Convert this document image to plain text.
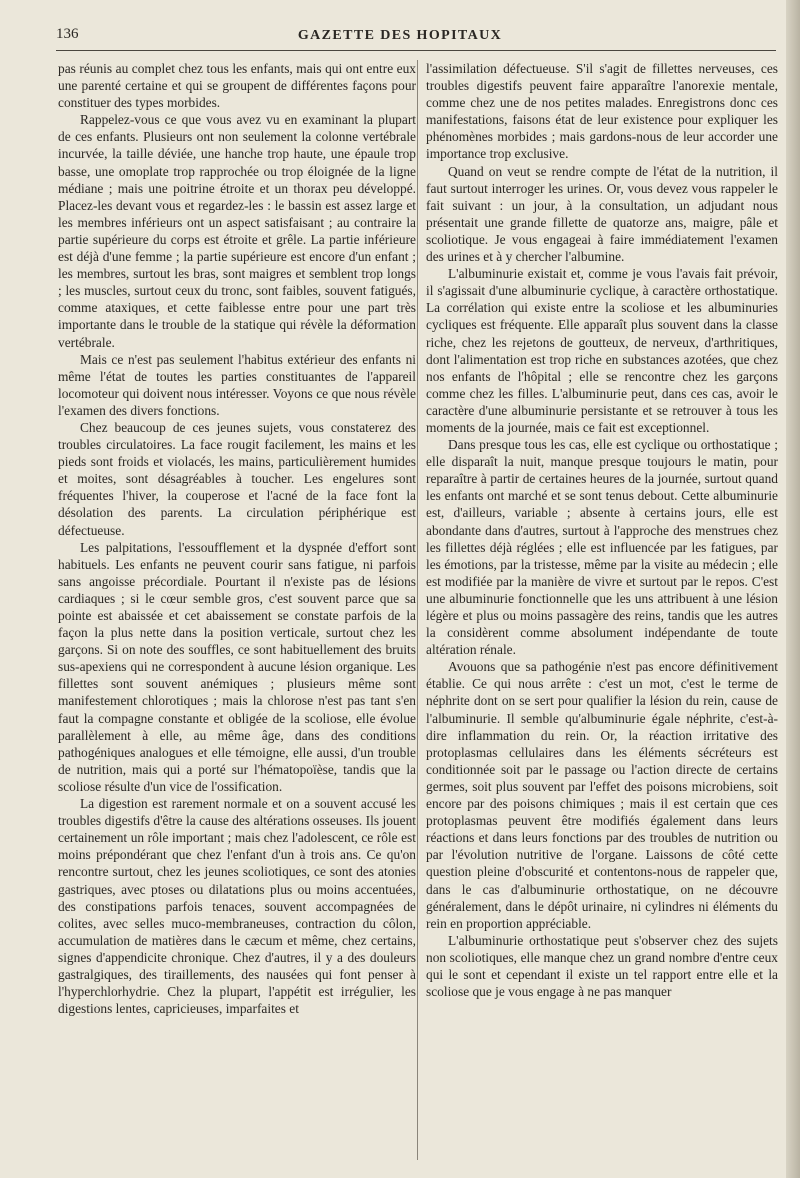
136	GAZETTE DES HOPITAUX

pas réunis au complet chez tous les enfants, mais qui ont entre eux une parenté certaine et qui se groupent de différentes façons pour constituer des types morbides.

Rappelez-vous ce que vous avez vu en examinant la plupart de ces enfants. Plusieurs ont non seulement la colonne vertébrale incurvée, la taille déviée, une hanche trop haute, une épaule trop basse, une omoplate trop rapprochée ou trop éloignée de la ligne médiane ; mais une poitrine étroite et un thorax peu développé. Placez-les devant vous et regardez-les : le bassin est assez large et les membres inférieurs ont un aspect satisfaisant ; au contraire la partie supérieure du corps est étroite et grêle. La partie inférieure est déjà d'une femme ; la partie supérieure est encore d'un enfant ; les membres, surtout les bras, sont maigres et semblent trop longs ; les muscles, surtout ceux du tronc, sont faibles, souvent fatigués, comme ataxiques, et cette faiblesse entre pour une part très importante dans le trouble de la statique qui révèle la déformation vertébrale.

Mais ce n'est pas seulement l'habitus extérieur des enfants ni même l'état de toutes les parties constituantes de l'appareil locomoteur qui doivent nous intéresser. Voyons ce que nous révèle l'examen des divers fonctions.

Chez beaucoup de ces jeunes sujets, vous constaterez des troubles circulatoires. La face rougit facilement, les mains et les pieds sont froids et violacés, les mains, particulièrement humides et moites, sont désagréables à toucher. Les engelures sont fréquentes l'hiver, la couperose et l'acné de la face font la désolation des parents. La circulation périphérique est défectueuse.

Les palpitations, l'essoufflement et la dyspnée d'effort sont habituels. Les enfants ne peuvent courir sans fatigue, ni parfois sans angoisse précordiale. Pourtant il n'existe pas de lésions cardiaques ; si le cœur semble gros, c'est souvent parce que sa pointe est abaissée et cet abaissement se constate parfois de la façon la plus nette dans la position verticale, surtout chez les garçons. Si on note des souffles, ce sont habituellement des bruits sus-apexiens qui ne correspondent à aucune lésion organique. Les fillettes sont souvent anémiques ; plusieurs même sont manifestement chlorotiques ; mais la chlorose n'est pas tant s'en faut la compagne constante et obligée de la scoliose, elle évolue parallèlement à elle, au même âge, dans des conditions pathogéniques analogues et elle témoigne, elle aussi, d'un trouble de nutrition, mais qui a porté sur l'hématopoïèse, tandis que la scoliose résulte d'un vice de l'ossification.

La digestion est rarement normale et on a souvent accusé les troubles digestifs d'être la cause des altérations osseuses. Ils jouent certainement un rôle important ; mais chez l'adolescent, ce rôle est moins prépondérant que chez l'enfant d'un à trois ans. Ce qu'on rencontre surtout, chez les jeunes scoliotiques, ce sont des atonies gastriques, avec ptoses ou dilatations plus ou moins accentuées, des constipations parfois tenaces, souvent accompagnées de colites, avec selles muco-membraneuses, contraction du côlon, accumulation de matières dans le cæcum et même, chez certains, signes d'appendicite chronique. Chez d'autres, il y a des douleurs gastralgiques, des tiraillements, des nausées qui font penser à l'hyperchlorhydrie. Chez la plupart, l'appétit est irrégulier, les digestions lentes, capricieuses, imparfaites et

l'assimilation défectueuse. S'il s'agit de fillettes nerveuses, ces troubles digestifs peuvent faire apparaître l'anorexie mentale, comme chez une de nos petites malades. Enregistrons donc ces manifestations, faisons état de leur existence pour expliquer les phénomènes morbides ; mais gardons-nous de leur accorder une importance trop exclusive.

Quand on veut se rendre compte de l'état de la nutrition, il faut surtout interroger les urines. Or, vous devez vous rappeler le fait suivant : un jour, à la consultation, un adjudant nous présentait une grande fillette de quatorze ans, maigre, pâle et scoliotique. Je vous engageai à faire immédiatement l'examen des urines et à y chercher l'albumine.

L'albuminurie existait et, comme je vous l'avais fait prévoir, il s'agissait d'une albuminurie cyclique, à caractère orthostatique. La corrélation qui existe entre la scoliose et les albuminuries cycliques est fréquente. Elle apparaît plus souvent dans la classe riche, chez les rejetons de goutteux, de nerveux, d'arthritiques, dont l'alimentation est trop riche en substances azotées, que chez nos enfants de l'hôpital ; elle se rencontre chez les garçons comme chez les filles. L'albuminurie peut, dans ces cas, avoir le caractère d'une albuminurie persistante et se retrouver à tous les moments de la journée, mais ce fait est exceptionnel.

Dans presque tous les cas, elle est cyclique ou orthostatique ; elle disparaît la nuit, manque presque toujours le matin, pour reparaître à partir de certaines heures de la journée, surtout quand les enfants ont marché et se sont tenus debout. Cette albuminurie est, d'ailleurs, variable ; absente à certains jours, elle est abondante dans d'autres, surtout à l'approche des menstrues chez les fillettes déjà réglées ; elle est influencée par les fatigues, par les émotions, par la tristesse, même par la visite au médecin ; elle est modifiée par la manière de vivre et surtout par le repos. C'est une albuminurie fonctionnelle que les uns attribuent à une lésion légère et plus ou moins passagère des reins, tandis que les autres la considèrent comme absolument indépendante de toute altération rénale.

Avouons que sa pathogénie n'est pas encore définitivement établie. Ce qui nous arrête : c'est un mot, c'est le terme de néphrite dont on se sert pour qualifier la lésion du rein, cause de l'albuminurie. Il semble qu'albuminurie égale néphrite, c'est-à-dire inflammation du rein. Or, la réaction irritative des protoplasmas cellulaires dans les éléments sécréteurs est conditionnée soit par le passage ou l'action directe de certains germes, soit plus souvent par l'effet des poisons microbiens, soit encore par des poisons chimiques ; mais il est certain que ces protoplasmas peuvent être modifiés également dans leurs réactions et dans leurs fonctions par des troubles de nutrition ou par l'évolution nutritive de l'organe. Laissons de côté cette question pleine d'obscurité et contentons-nous de rappeler que, dans le cas d'albuminurie orthostatique, on ne découvre généralement, dans le dépôt urinaire, ni cylindres ni éléments du rein en proportion appréciable.

L'albuminurie orthostatique peut s'observer chez des sujets non scoliotiques, elle manque chez un grand nombre d'entre ceux qui le sont et cependant il existe un tel rapport entre elle et la scoliose que je vous engage à ne pas manquer
